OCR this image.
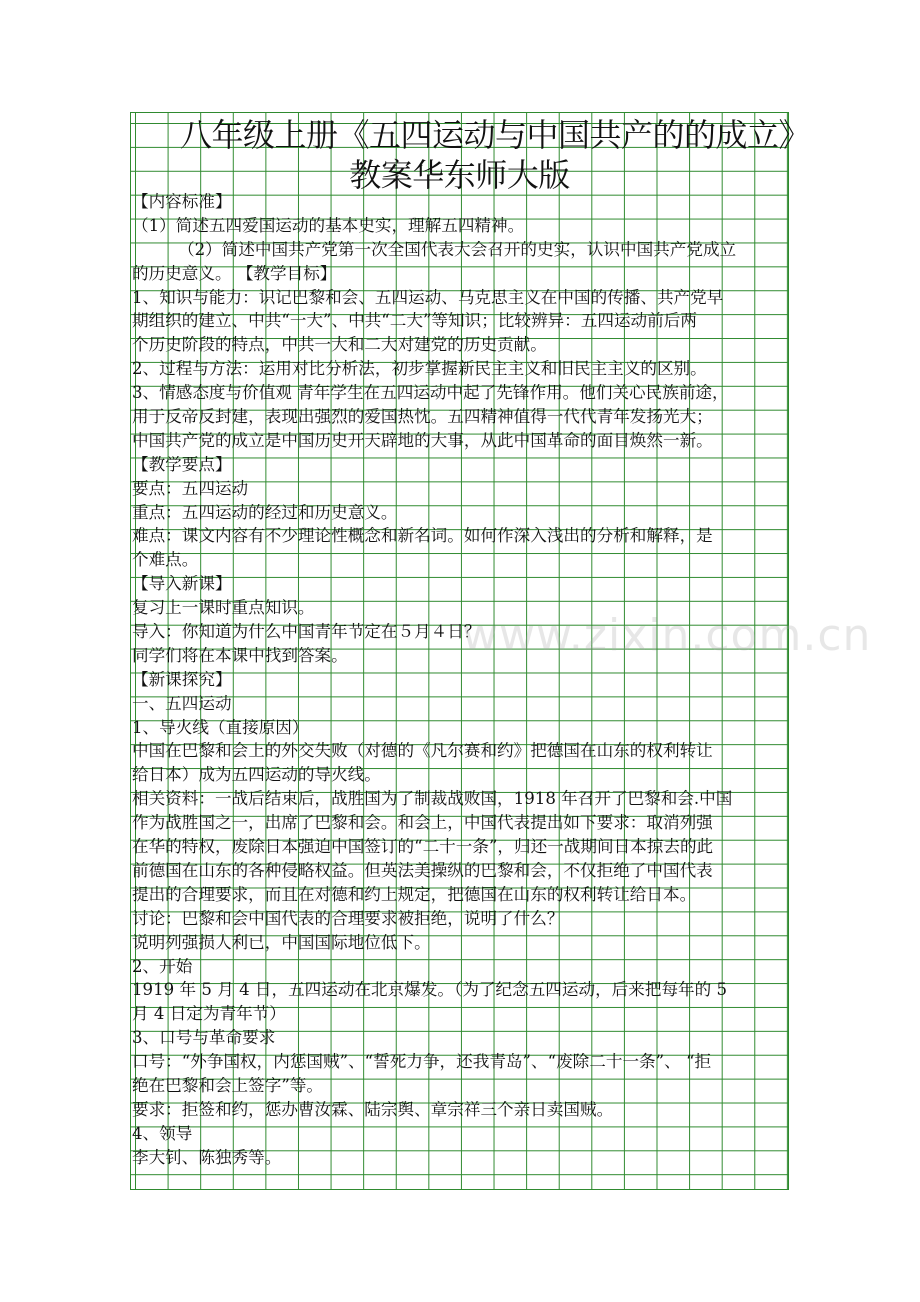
八年级上册《五四运动与中国共产的的成立》
教案华东师大版
【内容标准】
（1）简述五四爱国运动的基本史实，理解五四精神。
（2）简述中国共产党第一次全国代表大会召开的史实，认识中国共产党成立
的历史意义。 【教学目标】
1、知识与能力：识记巴黎和会、五四运动、马克思主义在中国的传播、共产党早
期组织的建立、中共“一大”、中共“二大”等知识；比较辨异：五四运动前后两
个历史阶段的特点，中共一大和二大对建党的历史贡献。
2、过程与方法：运用对比分析法，初步掌握新民主主义和旧民主主义的区别。
3、情感态度与价值观 青年学生在五四运动中起了先锋作用。他们关心民族前途，
用于反帝反封建，表现出强烈的爱国热忱。五四精神值得一代代青年发扬光大；
中国共产党的成立是中国历史开天辟地的大事，从此中国革命的面目焕然一新。
【教学要点】
要点：五四运动
重点：五四运动的经过和历史意义。
难点：课文内容有不少理论性概念和新名词。如何作深入浅出的分析和解释，是
个难点。
【导入新课】
复习上一课时重点知识。
导入：你知道为什么中国青年节定在５月４日？
同学们将在本课中找到答案。
【新课探究】
一、五四运动
1、导火线（直接原因）
中国在巴黎和会上的外交失败（对德的《凡尔赛和约》把德国在山东的权利转让
给日本）成为五四运动的导火线。
相关资料：一战后结束后，战胜国为了制裁战败国，1918 年召开了巴黎和会.中国
作为战胜国之一，出席了巴黎和会。和会上，中国代表提出如下要求：取消列强
在华的特权，废除日本强迫中国签订的“二十一条”，归还一战期间日本掠去的此
前德国在山东的各种侵略权益。但英法美操纵的巴黎和会，不仅拒绝了中国代表
提出的合理要求，而且在对德和约上规定，把德国在山东的权利转让给日本。
讨论：巴黎和会中国代表的合理要求被拒绝，说明了什么？
说明列强损人利已，中国国际地位低下。
2、开始
1919 年 5 月 4 日，五四运动在北京爆发。（为了纪念五四运动，后来把每年的 5
月 4 日定为青年节）
3、口号与革命要求
口号：“外争国权，内惩国贼”、“誓死力争，还我青岛”、“废除二十一条”、 “拒
绝在巴黎和会上签字”等。
要求：拒签和约，惩办曹汝霖、陆宗舆、章宗祥三个亲日卖国贼。
4、领导
李大钊、陈独秀等。
www.zixin.com.cn
